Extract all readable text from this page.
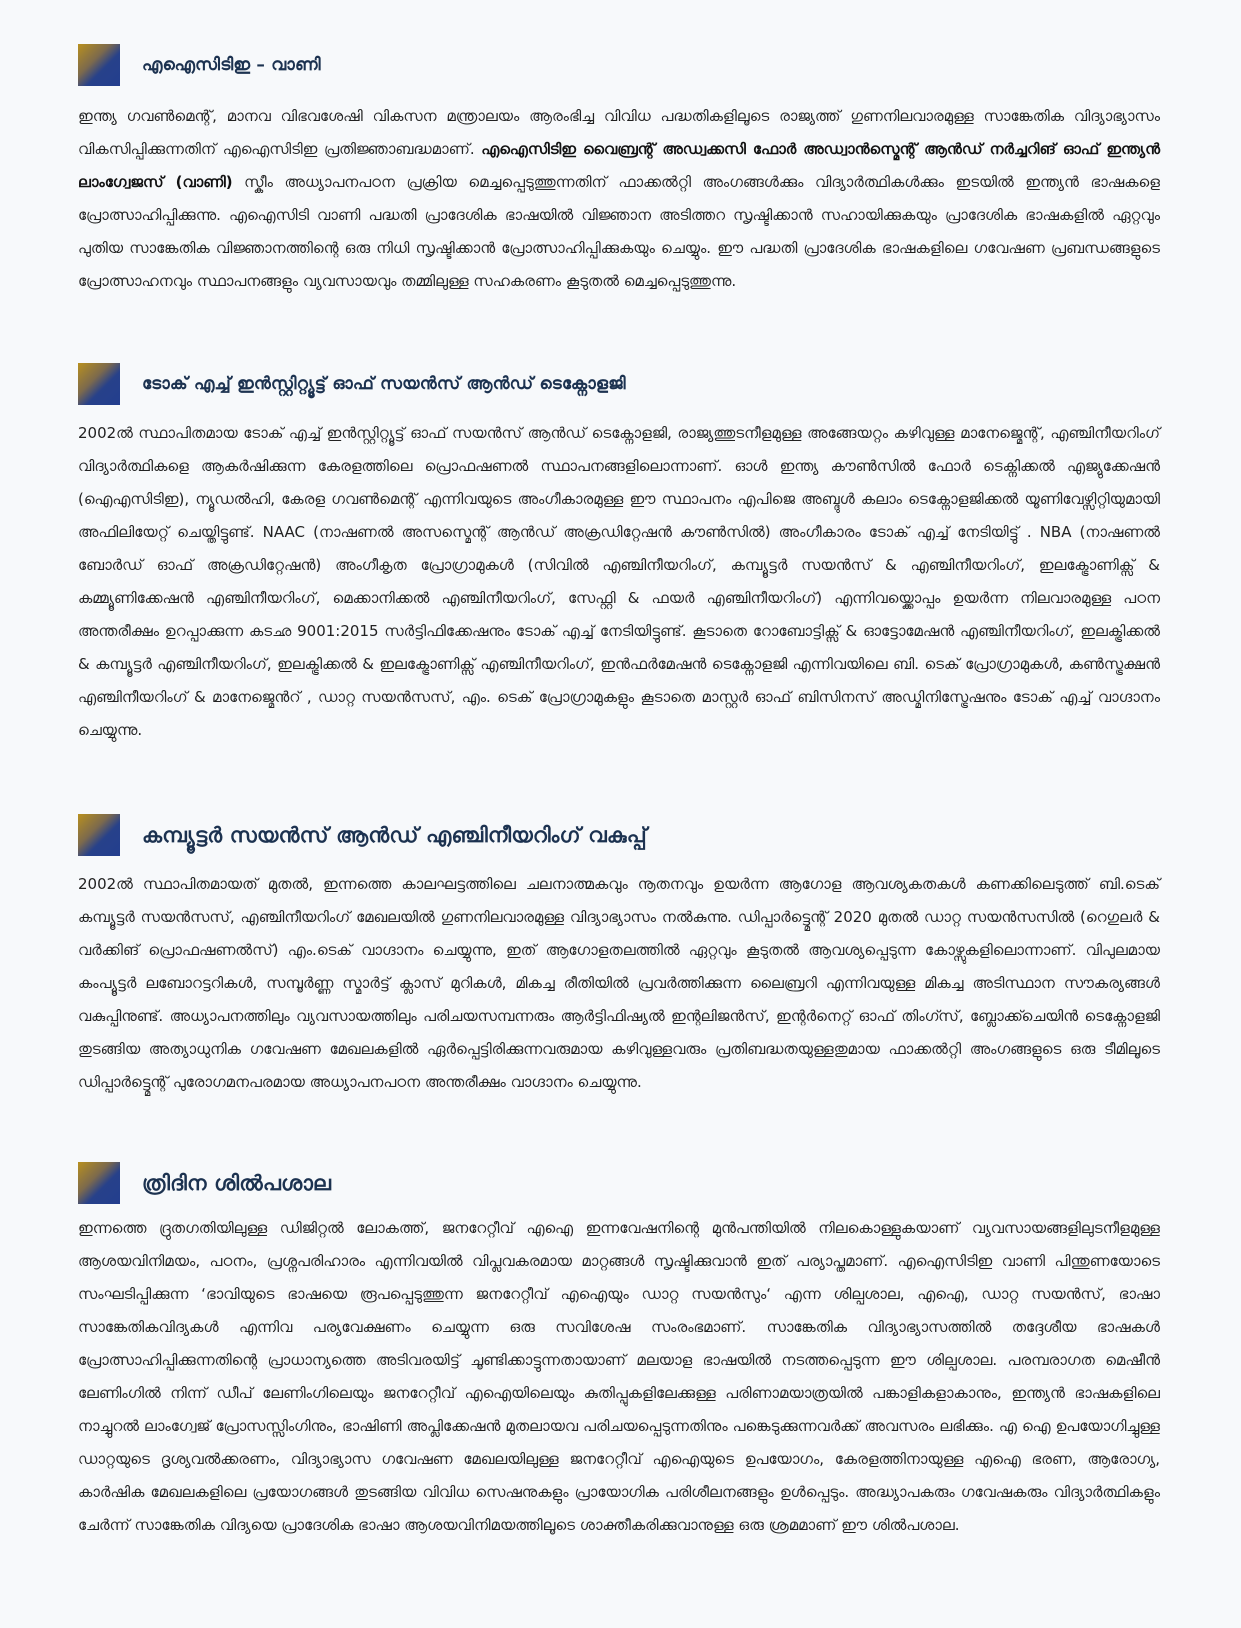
എഐസിടിഇ – വാണി

ഇന്ത്യ ഗവൺമെന്റ്, മാനവ വിഭവശേഷി വികസന മന്ത്രാലയം ആരംഭിച്ച വിവിധ പദ്ധതികളിലൂടെ രാജ്യത്ത് ഗുണനിലവാരമുള്ള സാങ്കേതിക വിദ്യാഭ്യാസം വികസിപ്പിക്കുന്നതിന് എഐസിടിഇ പ്രതിജ്ഞാബദ്ധമാണ്. എഐസിടിഇ വൈബ്രന്റ് അഡ്വക്കസി ഫോർ അഡ്വാൻസ്മെന്റ് ആൻഡ് നർച്ചറിങ് ഓഫ് ഇന്ത്യൻ ലാംഗ്വേജസ് (വാണി) സ്കീം അധ്യാപനപഠന പ്രക്രിയ മെച്ചപ്പെടുത്തുന്നതിന് ഫാക്കൽറ്റി അംഗങ്ങൾക്കും വിദ്യാർത്ഥികൾക്കും ഇടയിൽ ഇന്ത്യൻ ഭാഷകളെ പ്രോത്സാഹിപ്പിക്കുന്നു. എഐസിടി വാണി പദ്ധതി പ്രാദേശിക ഭാഷയിൽ വിജ്ഞാന അടിത്തറ സൃഷ്ടിക്കാൻ സഹായിക്കുകയും പ്രാദേശിക ഭാഷകളിൽ ഏറ്റവും പുതിയ സാങ്കേതിക വിജ്ഞാനത്തിന്റെ ഒരു നിധി സൃഷ്ടിക്കാൻ പ്രോത്സാഹിപ്പിക്കുകയും ചെയ്യും. ഈ പദ്ധതി പ്രാദേശിക ഭാഷകളിലെ ഗവേഷണ പ്രബന്ധങ്ങളുടെ പ്രോത്സാഹനവും സ്ഥാപനങ്ങളും വ്യവസായവും തമ്മിലുള്ള സഹകരണം കൂടുതൽ മെച്ചപ്പെടുത്തുന്നു.

ടോക് എച്ച് ഇൻസ്റ്റിറ്റ്യൂട്ട് ഓഫ് സയൻസ് ആൻഡ് ടെക്നോളജി

2002ൽ സ്ഥാപിതമായ ടോക് എച്ച് ഇൻസ്റ്റിറ്റ്യൂട്ട് ഓഫ് സയൻസ് ആൻഡ് ടെക്നോളജി, രാജ്യത്തുടനീളമുള്ള അങ്ങേയറ്റം കഴിവുള്ള മാനേജ്മെന്റ്, എഞ്ചിനീയറിംഗ് വിദ്യാർത്ഥികളെ ആകർഷിക്കുന്ന കേരളത്തിലെ പ്രൊഫഷണൽ സ്ഥാപനങ്ങളിലൊന്നാണ്. ഓൾ ഇന്ത്യ കൗൺസിൽ ഫോർ ടെക്നിക്കൽ എജ്യുക്കേഷൻ (ഐഎസിടിഇ), ന്യൂഡൽഹി, കേരള ഗവൺമെന്റ് എന്നിവയുടെ അംഗീകാരമുള്ള ഈ സ്ഥാപനം എപിജെ അബ്ദുൾ കലാം ടെക്നോളജിക്കൽ യൂണിവേഴ്സിറ്റിയുമായി അഫിലിയേറ്റ് ചെയ്തിട്ടുണ്ട്. NAAC (നാഷണൽ അസസ്മെന്റ് ആൻഡ് അക്രഡിറ്റേഷൻ കൗൺസിൽ) അംഗീകാരം ടോക് എച്ച് നേടിയിട്ടു് . NBA (നാഷണൽ ബോർഡ് ഓഫ് അക്രഡിറ്റേഷൻ) അംഗീകൃത പ്രോഗ്രാമുകൾ (സിവിൽ എഞ്ചിനീയറിംഗ്, കമ്പ്യൂട്ടർ സയൻസ് & എഞ്ചിനീയറിംഗ്, ഇലക്ട്രോണിക്സ് & കമ്മ്യൂണിക്കേഷൻ എഞ്ചിനീയറിംഗ്, മെക്കാനിക്കൽ എഞ്ചിനീയറിംഗ്, സേഫ്റ്റി & ഫയർ എഞ്ചിനീയറിംഗ്) എന്നിവയ്ക്കൊപ്പം ഉയർന്ന നിലവാരമുള്ള പഠന അന്തരീക്ഷം ഉറപ്പാക്കുന്ന കടഛ 9001:2015 സർട്ടിഫിക്കേഷനും ടോക് എച്ച് നേടിയിട്ടുണ്ട്. കൂടാതെ റോബോട്ടിക്സ് & ഓട്ടോമേഷൻ എഞ്ചിനീയറിംഗ്, ഇലക്ട്രിക്കൽ & കമ്പ്യൂട്ടർ എഞ്ചിനീയറിംഗ്, ഇലക്ട്രിക്കൽ & ഇലക്ട്രോണിക്സ് എഞ്ചിനീയറിംഗ്, ഇൻഫർമേഷൻ ടെക്നോളജി എന്നിവയിലെ ബി. ടെക് പ്രോഗ്രാമുകൾ, കൺസ്ട്രക്ഷൻ എഞ്ചിനീയറിംഗ് & മാനേജ്മെൻറ് , ഡാറ്റ സയൻസസ്, എം. ടെക് പ്രോഗ്രാമുകളും കൂടാതെ മാസ്റ്റർ ഓഫ് ബിസിനസ് അഡ്മിനിസ്ട്രേഷനും ടോക് എച്ച് വാഗ്ദാനം ചെയ്യുന്നു.

കമ്പ്യൂട്ടർ സയൻസ് ആൻഡ് എഞ്ചിനീയറിംഗ് വകുപ്പ്

2002ൽ സ്ഥാപിതമായത് മുതൽ, ഇന്നത്തെ കാലഘട്ടത്തിലെ ചലനാത്മകവും നൂതനവും ഉയർന്ന ആഗോള ആവശ്യകതകൾ കണക്കിലെടുത്ത് ബി.ടെക് കമ്പ്യൂട്ടർ സയൻസസ്, എഞ്ചിനീയറിംഗ് മേഖലയിൽ ഗുണനിലവാരമുള്ള വിദ്യാഭ്യാസം നൽകുന്നു. ഡിപ്പാർട്ട്മെന്റ് 2020 മുതൽ ഡാറ്റ സയൻസസിൽ (റെഗുലർ & വർക്കിങ് പ്രൊഫഷണൽസ്) എം.ടെക് വാഗ്ദാനം ചെയ്യുന്നു, ഇത് ആഗോളതലത്തിൽ ഏറ്റവും കൂടുതൽ ആവശ്യപ്പെടുന്ന കോഴ്സുകളിലൊന്നാണ്. വിപുലമായ കംപ്യൂട്ടർ ലബോറട്ടറികൾ, സമ്പൂർണ്ണ സ്മാർട്ട് ക്ലാസ് മുറികൾ, മികച്ച രീതിയിൽ പ്രവർത്തിക്കുന്ന ലൈബ്രറി എന്നിവയുള്ള മികച്ച അടിസ്ഥാന സൗകര്യങ്ങൾ വകുപ്പിനുണ്ട്. അധ്യാപനത്തിലും വ്യവസായത്തിലും പരിചയസമ്പന്നരും ആർട്ടിഫിഷ്യൽ ഇന്റലിജൻസ്, ഇന്റർനെറ്റ് ഓഫ് തിംഗ്സ്, ബ്ലോക്ക്ചെയിൻ ടെക്നോളജി തുടങ്ങിയ അത്യാധുനിക ഗവേഷണ മേഖലകളിൽ ഏർപ്പെട്ടിരിക്കുന്നവരുമായ കഴിവുള്ളവരും പ്രതിബദ്ധതയുള്ളതുമായ ഫാക്കൽറ്റി അംഗങ്ങളുടെ ഒരു ടീമിലൂടെ ഡിപ്പാർട്ട്മെന്റ് പുരോഗമനപരമായ അധ്യാപനപഠന അന്തരീക്ഷം വാഗ്ദാനം ചെയ്യുന്നു.

ത്രിദിന ശിൽപശാല

ഇന്നത്തെ ദ്രുതഗതിയിലുള്ള ഡിജിറ്റൽ ലോകത്ത്, ജനറേറ്റീവ് എഐ ഇന്നവേഷനിന്റെ മുൻപന്തിയിൽ നിലകൊള്ളുകയാണ് വ്യവസായങ്ങളിലുടനീളമുള്ള ആശയവിനിമയം, പഠനം, പ്രശ്നപരിഹാരം എന്നിവയിൽ വിപ്ലവകരമായ മാറ്റങ്ങൾ സൃഷ്ടിക്കുവാൻ ഇത് പര്യാപ്തമാണ്. എഐസിടിഇ വാണി പിന്തുണയോടെ സംഘടിപ്പിക്കുന്ന ‘ഭാവിയുടെ ഭാഷയെ രൂപപ്പെടുത്തുന്ന ജനറേറ്റീവ് എഐയും ഡാറ്റ സയൻസും‘ എന്ന ശില്പശാല, എഐ, ഡാറ്റ സയൻസ്, ഭാഷാ സാങ്കേതികവിദ്യകൾ എന്നിവ പര്യവേക്ഷണം ചെയ്യുന്ന ഒരു സവിശേഷ സംരംഭമാണ്. സാങ്കേതിക വിദ്യാഭ്യാസത്തിൽ തദ്ദേശീയ ഭാഷകൾ പ്രോത്സാഹിപ്പിക്കുന്നതിന്റെ പ്രാധാന്യത്തെ അടിവരയിട്ട് ചൂണ്ടിക്കാട്ടുന്നതായാണ് മലയാള ഭാഷയിൽ നടത്തപ്പെടുന്ന ഈ ശില്പശാല. പരമ്പരാഗത മെഷീൻ ലേണിംഗിൽ നിന്ന് ഡീപ് ലേണിംഗിലെയും ജനറേറ്റീവ് എഐയിലെയും കുതിപ്പുകളിലേക്കുള്ള പരിണാമയാത്രയിൽ പങ്കാളികളാകാനും, ഇന്ത്യൻ ഭാഷകളിലെ നാച്ചുറൽ ലാംഗ്വേജ് പ്രോസസ്സിംഗിനും, ഭാഷിണി അപ്ലിക്കേഷൻ മുതലായവ പരിചയപ്പെടുന്നതിനും പങ്കെടുക്കുന്നവർക്ക് അവസരം ലഭിക്കും. എ ഐ ഉപയോഗിച്ചുള്ള ഡാറ്റയുടെ ദൃശ്യവൽക്കരണം, വിദ്യാഭ്യാസ ഗവേഷണ മേഖലയിലുള്ള ജനറേറ്റീവ് എഐയുടെ ഉപയോഗം, കേരളത്തിനായുള്ള എഐ ഭരണ, ആരോഗ്യ, കാർഷിക മേഖലകളിലെ പ്രയോഗങ്ങൾ തുടങ്ങിയ വിവിധ സെഷനുകളും പ്രായോഗിക പരിശീലനങ്ങളും ഉൾപ്പെടും. അദ്ധ്യാപകരും ഗവേഷകരും വിദ്യാർത്ഥികളും ചേർന്ന് സാങ്കേതിക വിദ്യയെ പ്രാദേശിക ഭാഷാ ആശയവിനിമയത്തിലൂടെ ശാക്തീകരിക്കുവാനുള്ള ഒരു ശ്രമമാണ് ഈ ശിൽപശാല.
